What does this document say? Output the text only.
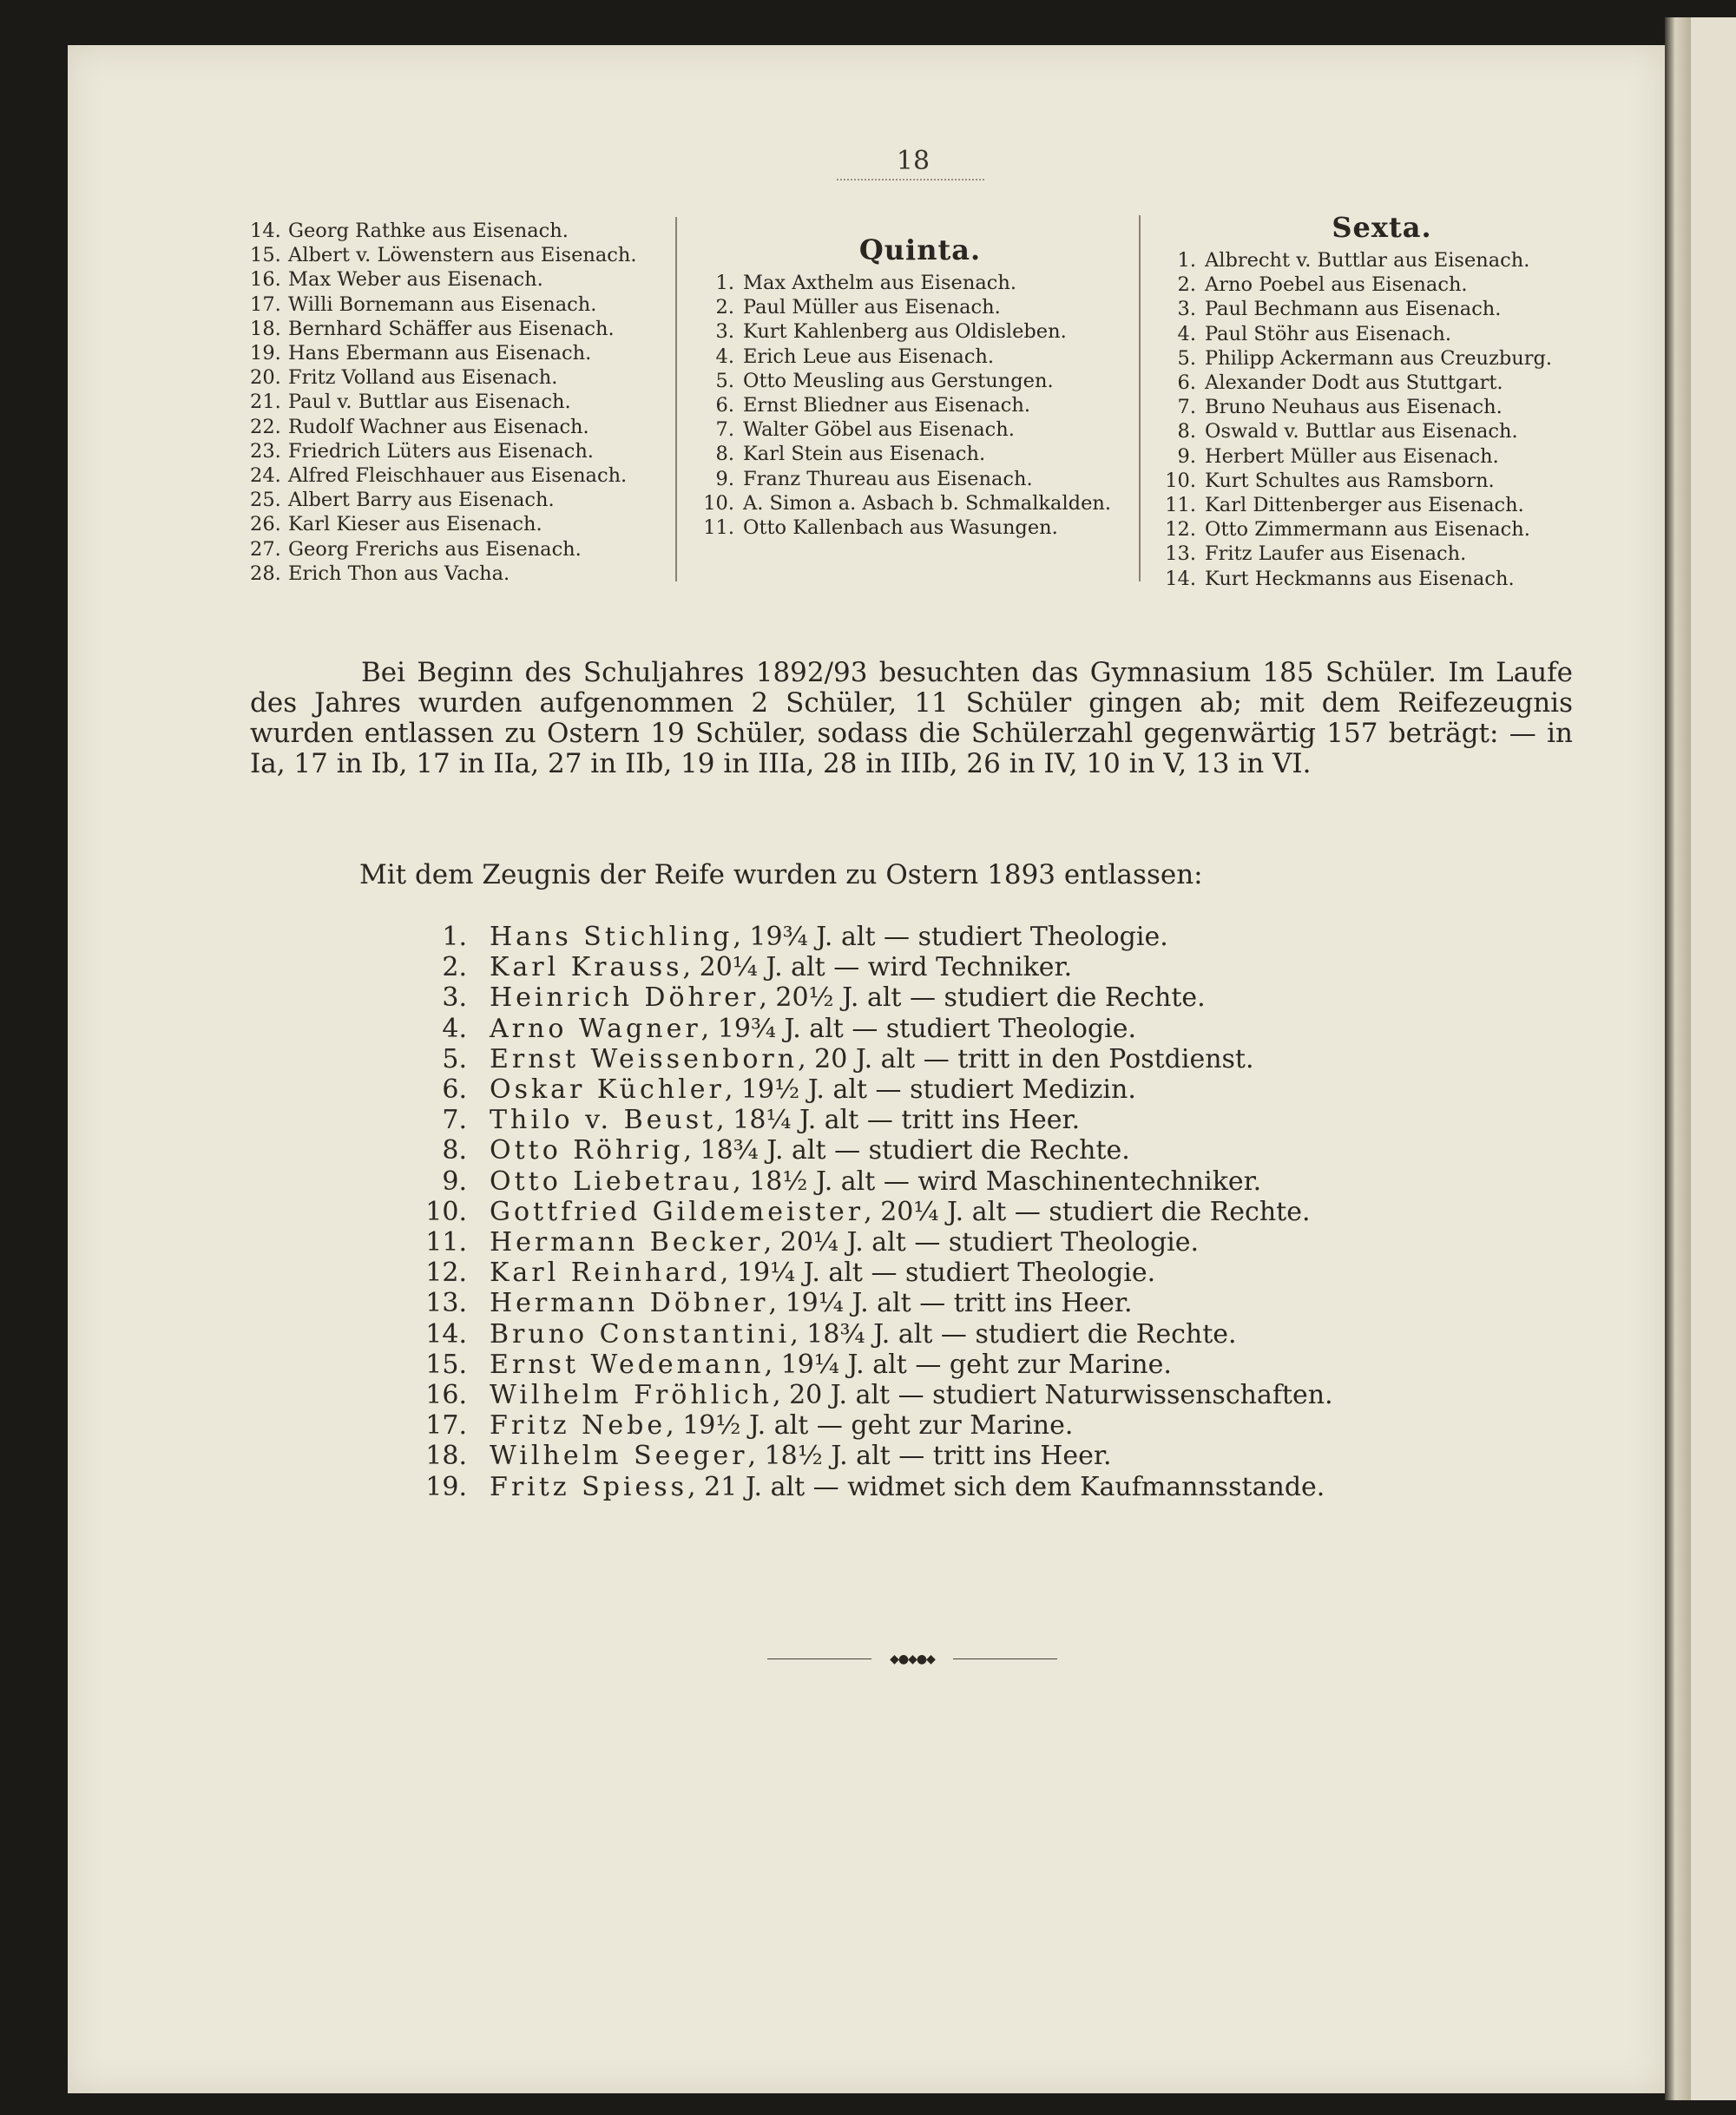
18
14. Georg Rathke aus Eisenach.
15. Albert v. Löwenstern aus Eisenach.
16. Max Weber aus Eisenach.
17. Willi Bornemann aus Eisenach.
18. Bernhard Schäffer aus Eisenach.
19. Hans Ebermann aus Eisenach.
20. Fritz Volland aus Eisenach.
21. Paul v. Buttlar aus Eisenach.
22. Rudolf Wachner aus Eisenach.
23. Friedrich Lüters aus Eisenach.
24. Alfred Fleischhauer aus Eisenach.
25. Albert Barry aus Eisenach.
26. Karl Kieser aus Eisenach.
27. Georg Frerichs aus Eisenach.
28. Erich Thon aus Vacha.
Quinta.
1. Max Axthelm aus Eisenach.
2. Paul Müller aus Eisenach.
3. Kurt Kahlenberg aus Oldisleben.
4. Erich Leue aus Eisenach.
5. Otto Meusling aus Gerstungen.
6. Ernst Bliedner aus Eisenach.
7. Walter Göbel aus Eisenach.
8. Karl Stein aus Eisenach.
9. Franz Thureau aus Eisenach.
10. A. Simon a. Asbach b. Schmalkalden.
11. Otto Kallenbach aus Wasungen.
Sexta.
1. Albrecht v. Buttlar aus Eisenach.
2. Arno Poebel aus Eisenach.
3. Paul Bechmann aus Eisenach.
4. Paul Stöhr aus Eisenach.
5. Philipp Ackermann aus Creuzburg.
6. Alexander Dodt aus Stuttgart.
7. Bruno Neuhaus aus Eisenach.
8. Oswald v. Buttlar aus Eisenach.
9. Herbert Müller aus Eisenach.
10. Kurt Schultes aus Ramsborn.
11. Karl Dittenberger aus Eisenach.
12. Otto Zimmermann aus Eisenach.
13. Fritz Laufer aus Eisenach.
14. Kurt Heckmanns aus Eisenach.

Bei Beginn des Schuljahres 1892/93 besuchten das Gymnasium 185 Schüler. Im Laufe des Jahres wurden aufgenommen 2 Schüler, 11 Schüler gingen ab; mit dem Reifezeugnis wurden entlassen zu Ostern 19 Schüler, sodass die Schülerzahl gegenwärtig 157 beträgt: — in Ia, 17 in Ib, 17 in IIa, 27 in IIb, 19 in IIIa, 28 in IIIb, 26 in IV, 10 in V, 13 in VI.

Mit dem Zeugnis der Reife wurden zu Ostern 1893 entlassen:
1. Hans Stichling, 19¾ J. alt — studiert Theologie.
2. Karl Krauss, 20¼ J. alt — wird Techniker.
3. Heinrich Döhrer, 20½ J. alt — studiert die Rechte.
4. Arno Wagner, 19¾ J. alt — studiert Theologie.
5. Ernst Weissenborn, 20 J. alt — tritt in den Postdienst.
6. Oskar Küchler, 19½ J. alt — studiert Medizin.
7. Thilo v. Beust, 18¼ J. alt — tritt ins Heer.
8. Otto Röhrig, 18¾ J. alt — studiert die Rechte.
9. Otto Liebetrau, 18½ J. alt — wird Maschinentechniker.
10. Gottfried Gildemeister, 20¼ J. alt — studiert die Rechte.
11. Hermann Becker, 20¼ J. alt — studiert Theologie.
12. Karl Reinhard, 19¼ J. alt — studiert Theologie.
13. Hermann Döbner, 19¼ J. alt — tritt ins Heer.
14. Bruno Constantini, 18¾ J. alt — studiert die Rechte.
15. Ernst Wedemann, 19¼ J. alt — geht zur Marine.
16. Wilhelm Fröhlich, 20 J. alt — studiert Naturwissenschaften.
17. Fritz Nebe, 19½ J. alt — geht zur Marine.
18. Wilhelm Seeger, 18½ J. alt — tritt ins Heer.
19. Fritz Spiess, 21 J. alt — widmet sich dem Kaufmannsstande.
◆●◆●◆
